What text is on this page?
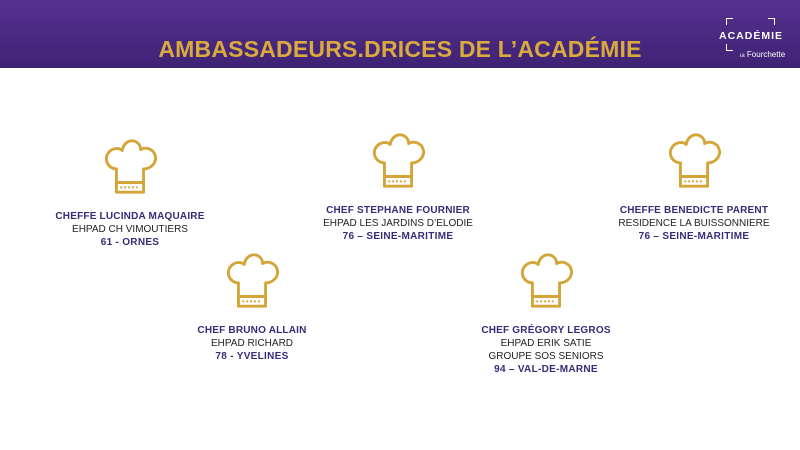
AMBASSADEURS.DRICES DE L’ACADÉMIE	ACADÉMIE
ia Fourchette
CHEFFE LUCINDA MAQUAIRE
EHPAD CH VIMOUTIERS
61 - ORNES
CHEF BRUNO ALLAIN
EHPAD RICHARD
78 - YVELINES
CHEF STEPHANE FOURNIER
EHPAD LES JARDINS D’ELODIE
76 – SEINE-MARITIME
CHEF GRÉGORY LEGROS
EHPAD ERIK SATIE
GROUPE SOS SENIORS
94 – VAL-DE-MARNE
CHEFFE BENEDICTE PARENT
RESIDENCE LA BUISSONNIERE
76 – SEINE-MARITIME
